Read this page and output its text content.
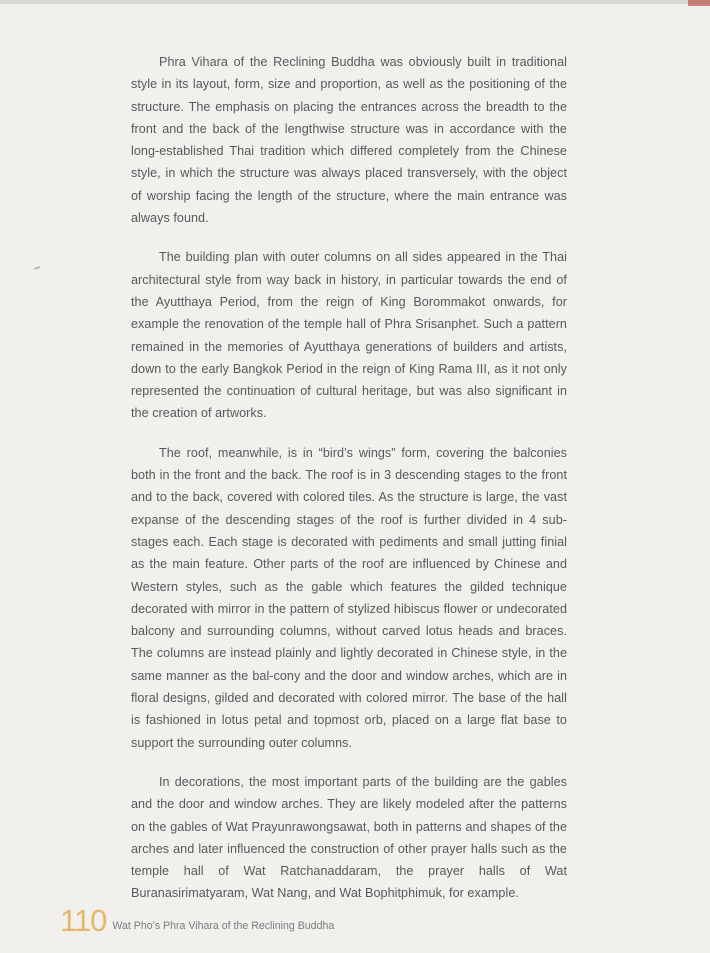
Phra Vihara of the Reclining Buddha was obviously built in traditional style in its layout, form, size and proportion, as well as the positioning of the structure. The emphasis on placing the entrances across the breadth to the front and the back of the lengthwise structure was in accordance with the long-established Thai tradition which differed completely from the Chinese style, in which the structure was always placed transversely, with the object of worship facing the length of the structure, where the main entrance was always found.

The building plan with outer columns on all sides appeared in the Thai architectural style from way back in history, in particular towards the end of the Ayutthaya Period, from the reign of King Borommakot onwards, for example the renovation of the temple hall of Phra Srisanphet. Such a pattern remained in the memories of Ayutthaya generations of builders and artists, down to the early Bangkok Period in the reign of King Rama III, as it not only represented the continuation of cultural heritage, but was also significant in the creation of artworks.

The roof, meanwhile, is in “bird’s wings” form, covering the balconies both in the front and the back. The roof is in 3 descending stages to the front and to the back, covered with colored tiles. As the structure is large, the vast expanse of the descending stages of the roof is further divided in 4 sub-stages each. Each stage is decorated with pediments and small jutting finial as the main feature. Other parts of the roof are influenced by Chinese and Western styles, such as the gable which features the gilded technique decorated with mirror in the pattern of stylized hibiscus flower or undecorated balcony and surrounding columns, without carved lotus heads and braces. The columns are instead plainly and lightly decorated in Chinese style, in the same manner as the bal-cony and the door and window arches, which are in floral designs, gilded and decorated with colored mirror. The base of the hall is fashioned in lotus petal and topmost orb, placed on a large flat base to support the surrounding outer columns.

In decorations, the most important parts of the building are the gables and the door and window arches. They are likely modeled after the patterns on the gables of Wat Prayunrawongsawat, both in patterns and shapes of the arches and later influenced the construction of other prayer halls such as the temple hall of Wat Ratchanaddaram, the prayer halls of Wat Buranasirimatyaram, Wat Nang, and Wat Bophitphimuk, for example.

110 Wat Pho’s Phra Vihara of the Reclining Buddha
